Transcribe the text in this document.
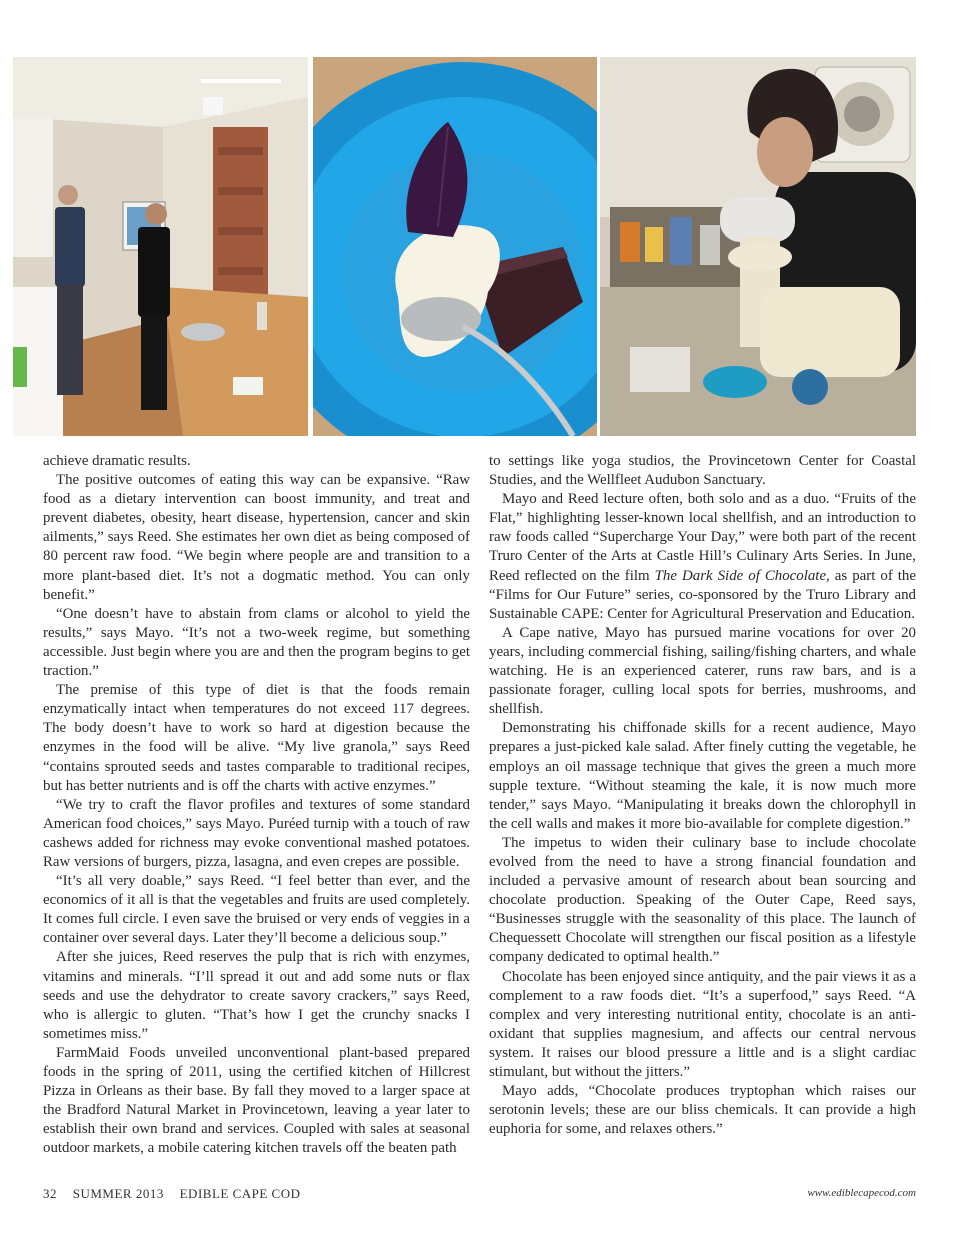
achieve dramatic results.

The positive outcomes of eating this way can be expansive. “Raw food as a dietary intervention can boost immunity, and treat and prevent diabetes, obesity, heart disease, hypertension, cancer and skin ailments,” says Reed. She estimates her own diet as being composed of 80 percent raw food. “We begin where people are and transition to a more plant-based diet. It’s not a dogmatic method. You can only benefit.”

“One doesn’t have to abstain from clams or alcohol to yield the results,” says Mayo. “It’s not a two-week regime, but something accessible. Just begin where you are and then the program begins to get traction.”

The premise of this type of diet is that the foods remain enzymatically intact when temperatures do not exceed 117 degrees. The body doesn’t have to work so hard at digestion because the enzymes in the food will be alive. “My live granola,” says Reed “contains sprouted seeds and tastes comparable to traditional recipes, but has better nutrients and is off the charts with active enzymes.”

“We try to craft the flavor profiles and textures of some standard American food choices,” says Mayo. Puréed turnip with a touch of raw cashews added for richness may evoke conventional mashed potatoes. Raw versions of burgers, pizza, lasagna, and even crepes are possible.

“It’s all very doable,” says Reed. “I feel better than ever, and the economics of it all is that the vegetables and fruits are used completely. It comes full circle. I even save the bruised or very ends of veggies in a container over several days. Later they’ll become a delicious soup.”

After she juices, Reed reserves the pulp that is rich with enzymes, vitamins and minerals. “I’ll spread it out and add some nuts or flax seeds and use the dehydrator to create savory crackers,” says Reed, who is allergic to gluten. “That’s how I get the crunchy snacks I sometimes miss.”

FarmMaid Foods unveiled unconventional plant-based prepared foods in the spring of 2011, using the certified kitchen of Hillcrest Pizza in Orleans as their base. By fall they moved to a larger space at the Bradford Natural Market in Provincetown, leaving a year later to establish their own brand and services. Coupled with sales at seasonal outdoor markets, a mobile catering kitchen travels off the beaten path

to settings like yoga studios, the Provincetown Center for Coastal Studies, and the Wellfleet Audubon Sanctuary.

Mayo and Reed lecture often, both solo and as a duo. “Fruits of the Flat,” highlighting lesser-known local shellfish, and an introduction to raw foods called “Supercharge Your Day,” were both part of the recent Truro Center of the Arts at Castle Hill’s Culinary Arts Series. In June, Reed reflected on the film The Dark Side of Chocolate, as part of the “Films for Our Future” series, co-sponsored by the Truro Library and Sustainable CAPE: Center for Agricultural Preservation and Education.

A Cape native, Mayo has pursued marine vocations for over 20 years, including commercial fishing, sailing/fishing charters, and whale watching. He is an experienced caterer, runs raw bars, and is a passionate forager, culling local spots for berries, mushrooms, and shellfish.

Demonstrating his chiffonade skills for a recent audience, Mayo prepares a just-picked kale salad. After finely cutting the vegetable, he employs an oil massage technique that gives the green a much more supple texture. “Without steaming the kale, it is now much more tender,” says Mayo. “Manipulating it breaks down the chlorophyll in the cell walls and makes it more bio-available for complete digestion.”

The impetus to widen their culinary base to include chocolate evolved from the need to have a strong financial foundation and included a pervasive amount of research about bean sourcing and chocolate production. Speaking of the Outer Cape, Reed says, “Businesses struggle with the seasonality of this place. The launch of Chequessett Chocolate will strengthen our fiscal position as a lifestyle company dedicated to optimal health.”

Chocolate has been enjoyed since antiquity, and the pair views it as a complement to a raw foods diet. “It’s a superfood,” says Reed. “A complex and very interesting nutritional entity, chocolate is an anti-oxidant that supplies magnesium, and affects our central nervous system. It raises our blood pressure a little and is a slight cardiac stimulant, but without the jitters.”

Mayo adds, “Chocolate produces tryptophan which raises our serotonin levels; these are our bliss chemicals. It can provide a high euphoria for some, and relaxes others.”

32 SUMMER 2013 EDIBLE CAPE COD	www.ediblecapecod.com
